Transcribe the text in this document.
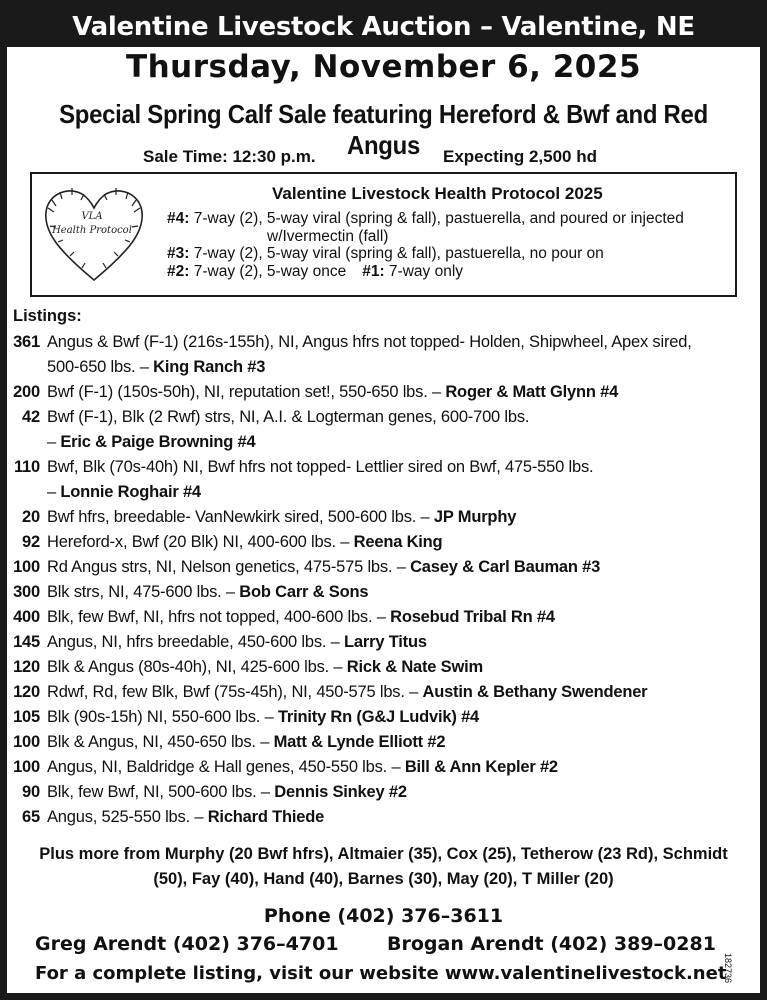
Valentine Livestock Auction – Valentine, NE
Thursday, November 6, 2025
Special Spring Calf Sale featuring Hereford & Bwf and Red Angus
Sale Time: 12:30 p.m.	Expecting 2,500 hd
VLA
Health Protocol
Valentine Livestock Health Protocol 2025
#4: 7-way (2), 5-way viral (spring & fall), pastuerella, and poured or injected
w/Ivermectin (fall)
#3: 7-way (2), 5-way viral (spring & fall), pastuerella, no pour on
#2: 7-way (2), 5-way once #1: 7-way only
Listings:
361 Angus & Bwf (F-1) (216s-155h), NI, Angus hfrs not topped- Holden, Shipwheel, Apex sired,
500-650 lbs. – King Ranch #3
200 Bwf (F-1) (150s-50h), NI, reputation set!, 550-650 lbs. – Roger & Matt Glynn #4
42 Bwf (F-1), Blk (2 Rwf) strs, NI, A.I. & Logterman genes, 600-700 lbs.
– Eric & Paige Browning #4
110 Bwf, Blk (70s-40h) NI, Bwf hfrs not topped- Lettlier sired on Bwf, 475-550 lbs.
– Lonnie Roghair #4
20 Bwf hfrs, breedable- VanNewkirk sired, 500-600 lbs. – JP Murphy
92 Hereford-x, Bwf (20 Blk) NI, 400-600 lbs. – Reena King
100 Rd Angus strs, NI, Nelson genetics, 475-575 lbs. – Casey & Carl Bauman #3
300 Blk strs, NI, 475-600 lbs. – Bob Carr & Sons
400 Blk, few Bwf, NI, hfrs not topped, 400-600 lbs. – Rosebud Tribal Rn #4
145 Angus, NI, hfrs breedable, 450-600 lbs. – Larry Titus
120 Blk & Angus (80s-40h), NI, 425-600 lbs. – Rick & Nate Swim
120 Rdwf, Rd, few Blk, Bwf (75s-45h), NI, 450-575 lbs. – Austin & Bethany Swendener
105 Blk (90s-15h) NI, 550-600 lbs. – Trinity Rn (G&J Ludvik) #4
100 Blk & Angus, NI, 450-650 lbs. – Matt & Lynde Elliott #2
100 Angus, NI, Baldridge & Hall genes, 450-550 lbs. – Bill & Ann Kepler #2
90 Blk, few Bwf, NI, 500-600 lbs. – Dennis Sinkey #2
65 Angus, 525-550 lbs. – Richard Thiede
Plus more from Murphy (20 Bwf hfrs), Altmaier (35), Cox (25), Tetherow (23 Rd), Schmidt (50), Fay (40), Hand (40), Barnes (30), May (20), T Miller (20)
Phone (402) 376–3611
Greg Arendt (402) 376–4701	Brogan Arendt (402) 389–0281
For a complete listing, visit our website www.valentinelivestock.net
182736
